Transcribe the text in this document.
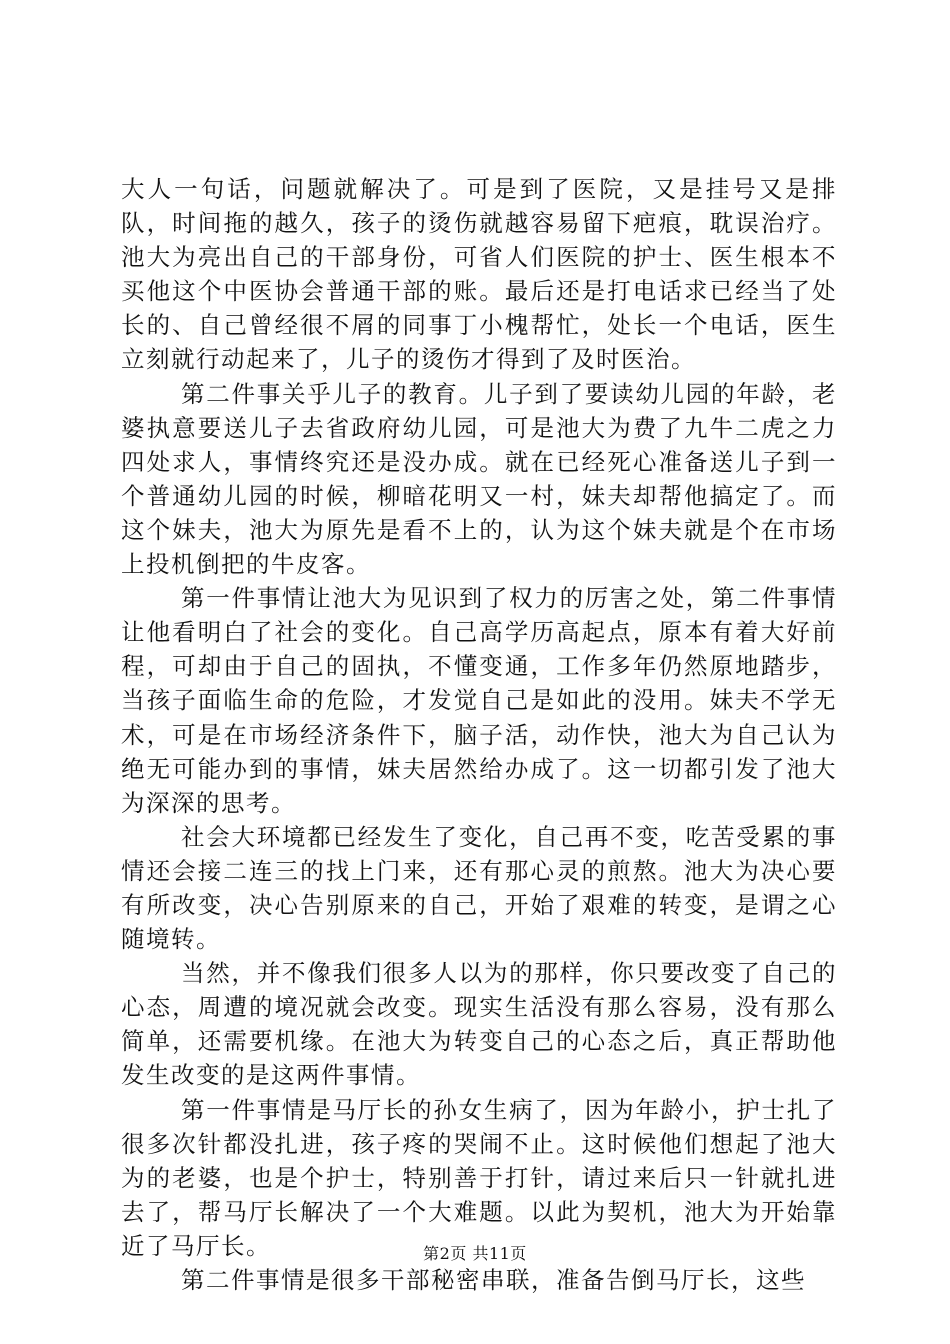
大人一句话，问题就解决了。可是到了医院，又是挂号又是排队，时间拖的越久，孩子的烫伤就越容易留下疤痕，耽误治疗。池大为亮出自己的干部身份，可省人们医院的护士、医生根本不买他这个中医协会普通干部的账。最后还是打电话求已经当了处长的、自己曾经很不屑的同事丁小槐帮忙，处长一个电话，医生立刻就行动起来了，儿子的烫伤才得到了及时医治。

第二件事关乎儿子的教育。儿子到了要读幼儿园的年龄，老婆执意要送儿子去省政府幼儿园，可是池大为费了九牛二虎之力四处求人，事情终究还是没办成。就在已经死心准备送儿子到一个普通幼儿园的时候，柳暗花明又一村，妹夫却帮他搞定了。而这个妹夫，池大为原先是看不上的，认为这个妹夫就是个在市场上投机倒把的牛皮客。

第一件事情让池大为见识到了权力的厉害之处，第二件事情让他看明白了社会的变化。自己高学历高起点，原本有着大好前程，可却由于自己的固执，不懂变通，工作多年仍然原地踏步，当孩子面临生命的危险，才发觉自己是如此的没用。妹夫不学无术，可是在市场经济条件下，脑子活，动作快，池大为自己认为绝无可能办到的事情，妹夫居然给办成了。这一切都引发了池大为深深的思考。

社会大环境都已经发生了变化，自己再不变，吃苦受累的事情还会接二连三的找上门来，还有那心灵的煎熬。池大为决心要有所改变，决心告别原来的自己，开始了艰难的转变，是谓之心随境转。

当然，并不像我们很多人以为的那样，你只要改变了自己的心态，周遭的境况就会改变。现实生活没有那么容易，没有那么简单，还需要机缘。在池大为转变自己的心态之后，真正帮助他发生改变的是这两件事情。

第一件事情是马厅长的孙女生病了，因为年龄小，护士扎了很多次针都没扎进，孩子疼的哭闹不止。这时候他们想起了池大为的老婆，也是个护士，特别善于打针，请过来后只一针就扎进去了，帮马厅长解决了一个大难题。以此为契机，池大为开始靠近了马厅长。

第二件事情是很多干部秘密串联，准备告倒马厅长，这些

第2页 共11页
